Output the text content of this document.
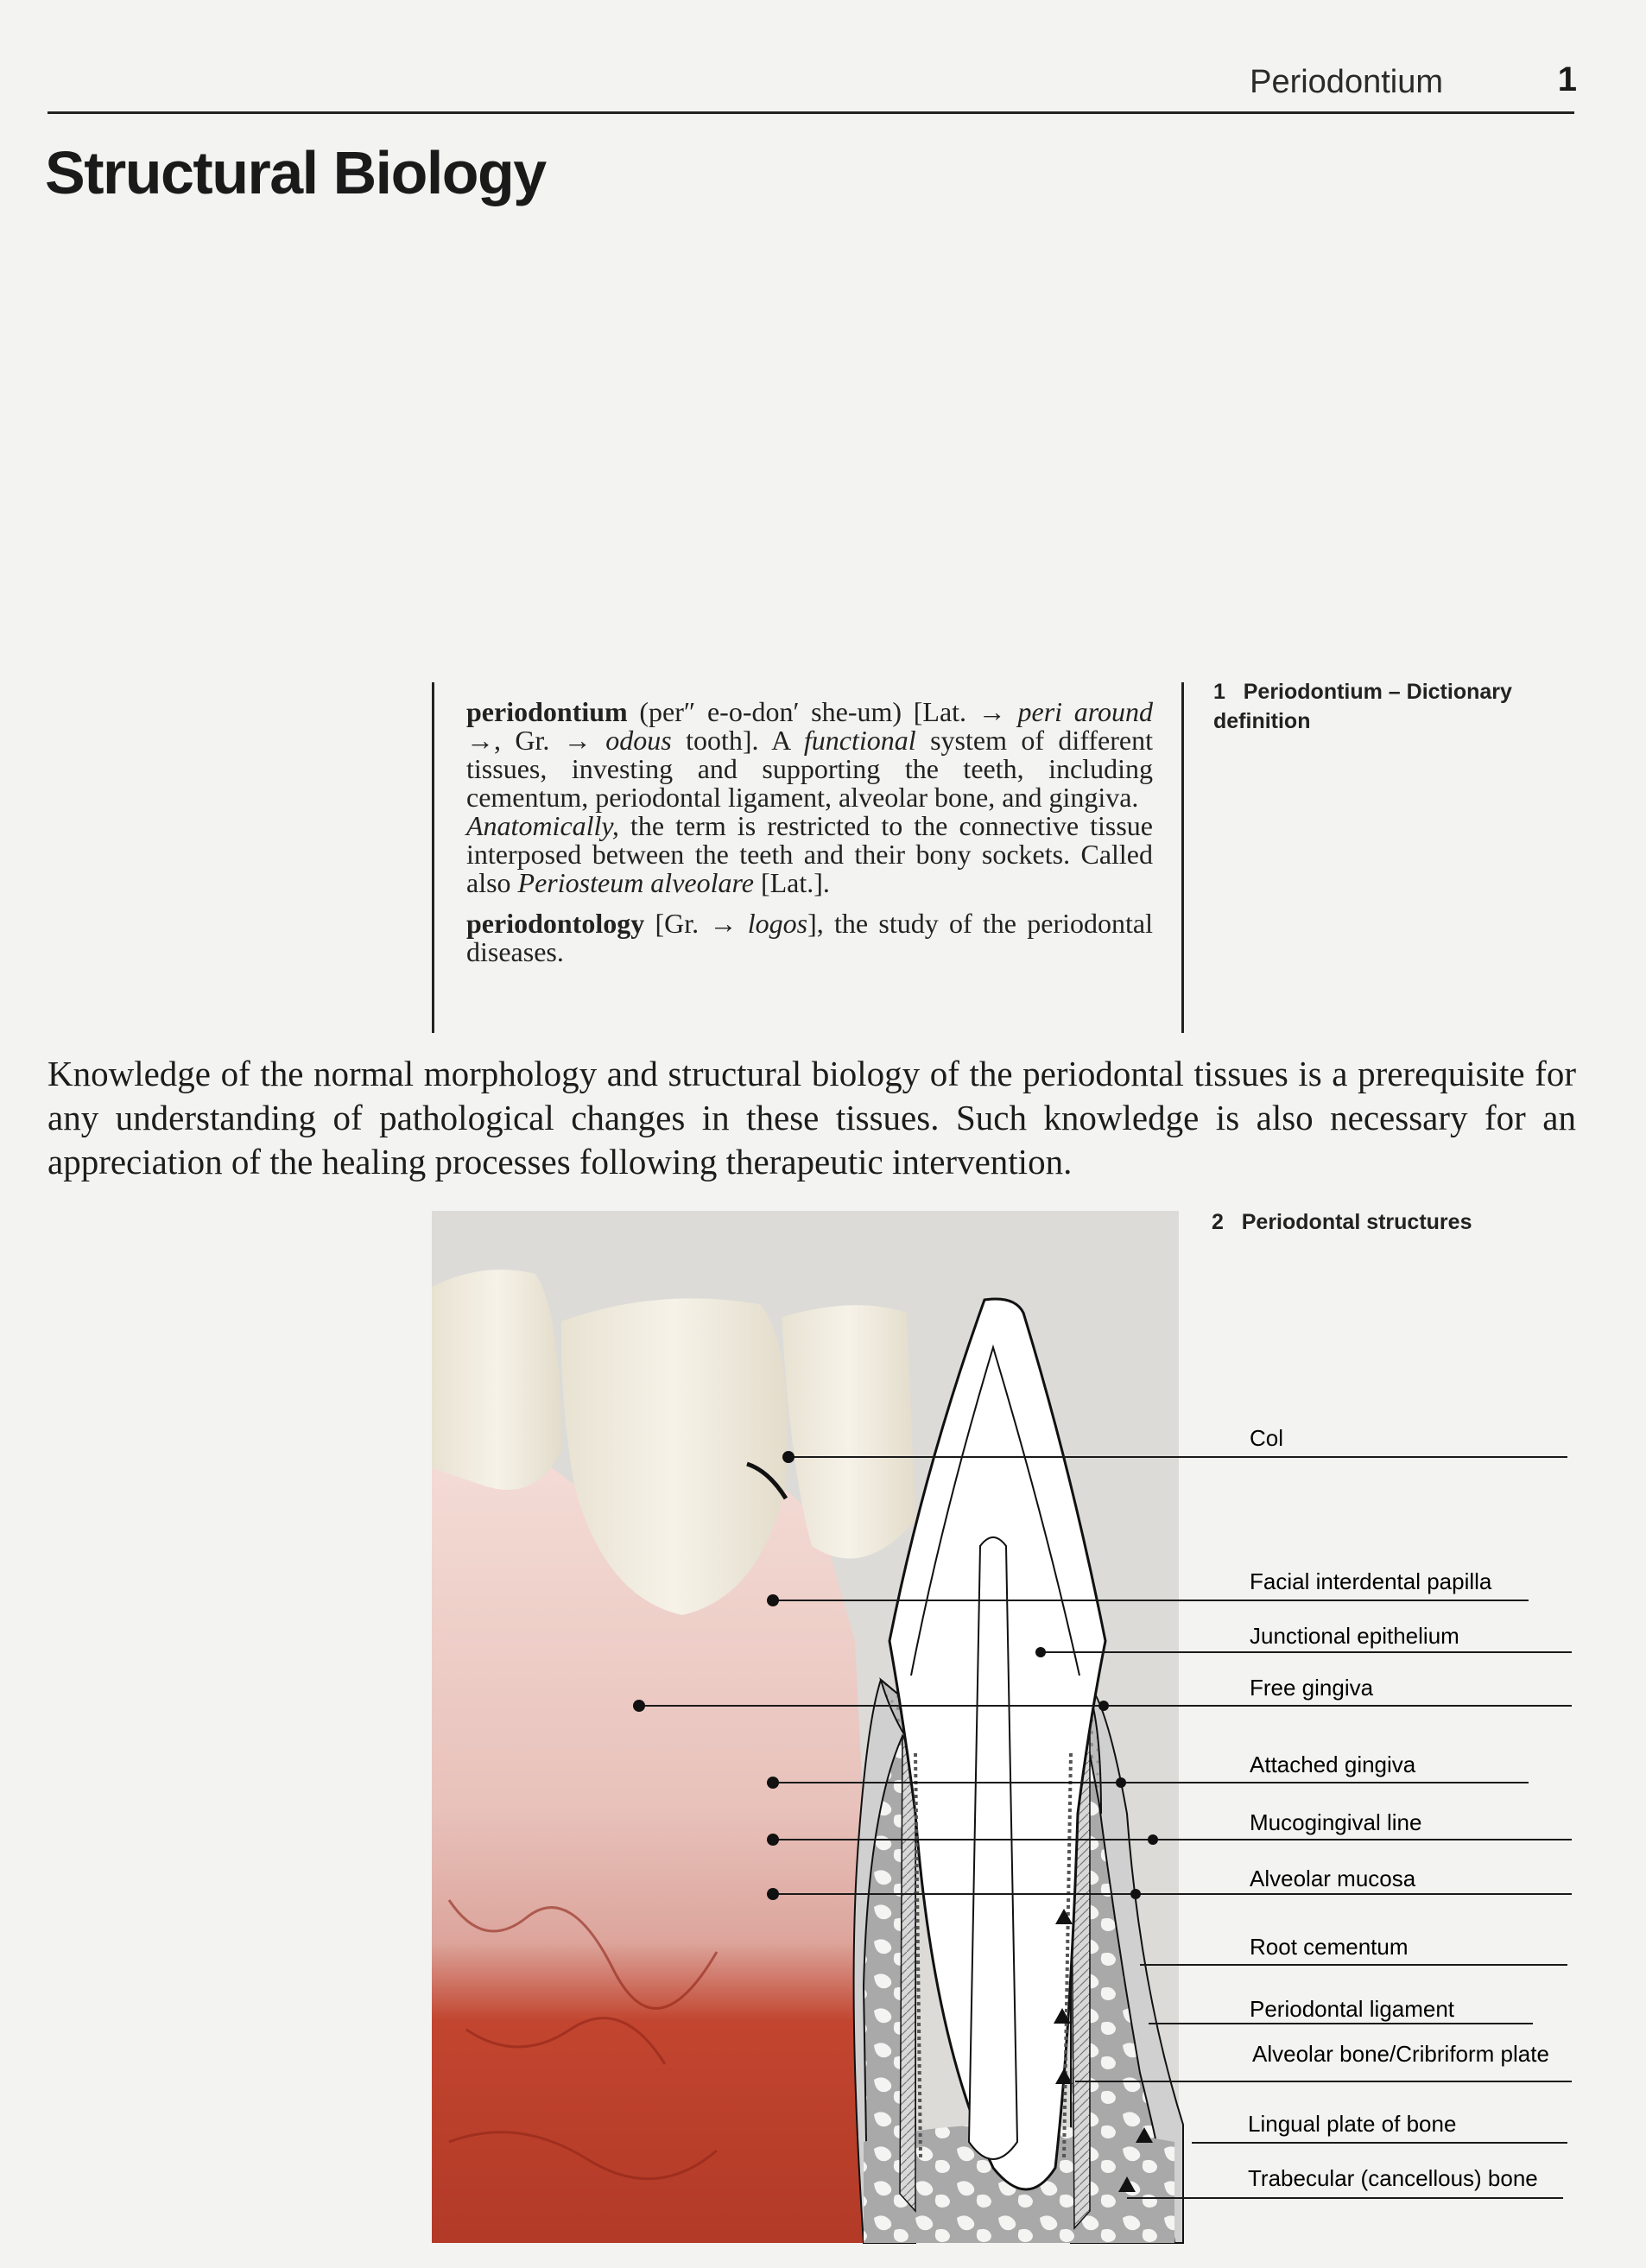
Periodontium	1
Structural Biology

periodontium (per″ e-o-don′ she-um) [Lat. → peri around →, Gr. → odous tooth]. A functional system of different tissues, investing and supporting the teeth, including cementum, periodontal ligament, alveolar bone, and gingiva.
Anatomically, the term is restricted to the connective tissue interposed between the teeth and their bony sockets. Called also Periosteum alveolare [Lat.].

periodontology [Gr. → logos], the study of the periodontal diseases.

1 Periodontium – Dictionary definition
Knowledge of the normal morphology and structural biology of the periodontal tissues is a prerequisite for any understanding of pathological changes in these tissues. Such knowledge is also necessary for an appreciation of the healing processes following therapeutic intervention.
2 Periodontal structures
Col
Facial interdental papilla
Junctional epithelium
Free gingiva
Attached gingiva
Mucogingival line
Alveolar mucosa
Root cementum
Periodontal ligament
Alveolar bone/Cribriform plate
Lingual plate of bone
Trabecular (cancellous) bone
